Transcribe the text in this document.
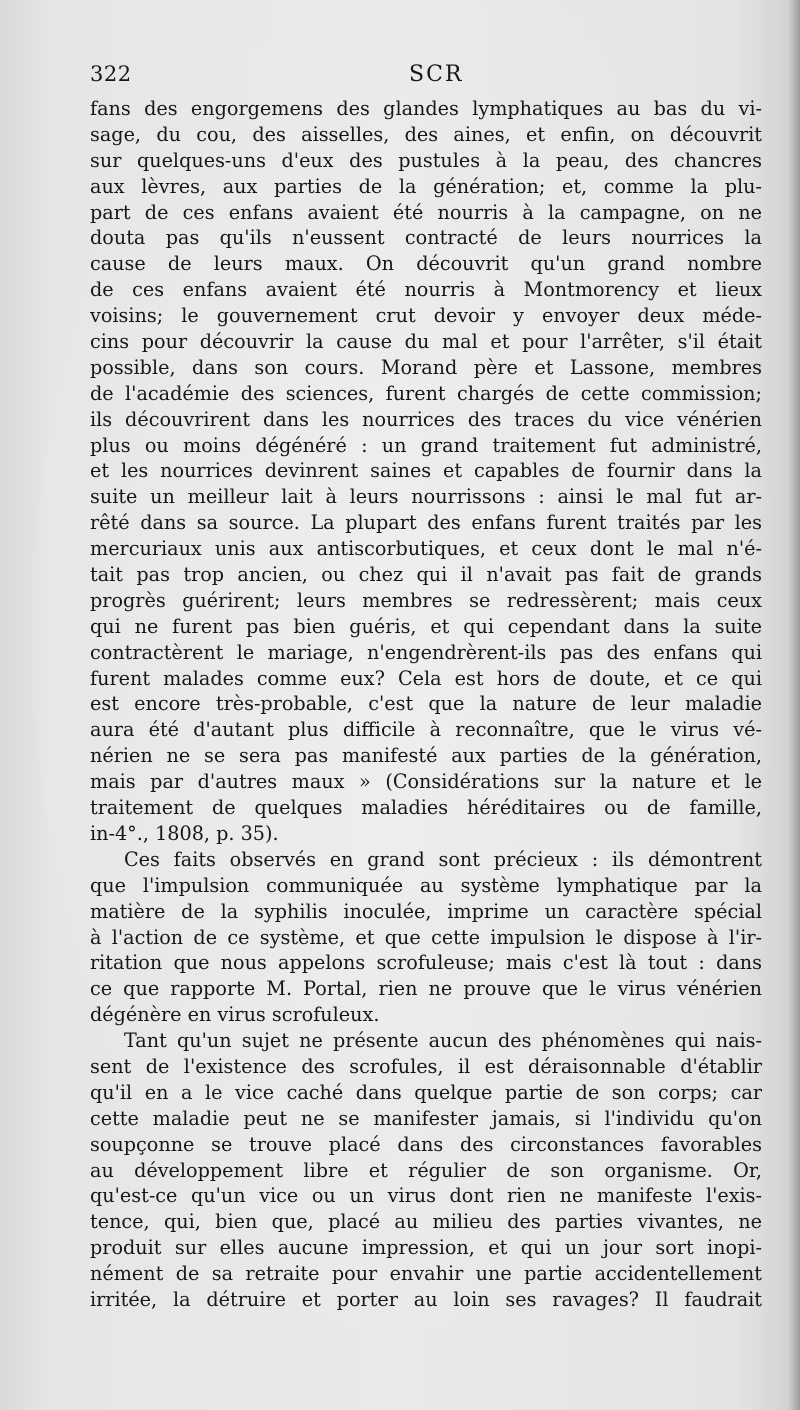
322	SCR
fans des engorgemens des glandes lymphatiques au bas du vi-
sage, du cou, des aisselles, des aines, et enfin, on découvrit
sur quelques-uns d'eux des pustules à la peau, des chancres
aux lèvres, aux parties de la génération; et, comme la plu-
part de ces enfans avaient été nourris à la campagne, on ne
douta pas qu'ils n'eussent contracté de leurs nourrices la
cause de leurs maux. On découvrit qu'un grand nombre
de ces enfans avaient été nourris à Montmorency et lieux
voisins; le gouvernement crut devoir y envoyer deux méde-
cins pour découvrir la cause du mal et pour l'arrêter, s'il était
possible, dans son cours. Morand père et Lassone, membres
de l'académie des sciences, furent chargés de cette commission;
ils découvrirent dans les nourrices des traces du vice vénérien
plus ou moins dégénéré : un grand traitement fut administré,
et les nourrices devinrent saines et capables de fournir dans la
suite un meilleur lait à leurs nourrissons : ainsi le mal fut ar-
rêté dans sa source. La plupart des enfans furent traités par les
mercuriaux unis aux antiscorbutiques, et ceux dont le mal n'é-
tait pas trop ancien, ou chez qui il n'avait pas fait de grands
progrès guérirent; leurs membres se redressèrent; mais ceux
qui ne furent pas bien guéris, et qui cependant dans la suite
contractèrent le mariage, n'engendrèrent-ils pas des enfans qui
furent malades comme eux? Cela est hors de doute, et ce qui
est encore très-probable, c'est que la nature de leur maladie
aura été d'autant plus difficile à reconnaître, que le virus vé-
nérien ne se sera pas manifesté aux parties de la génération,
mais par d'autres maux » (Considérations sur la nature et le
traitement de quelques maladies héréditaires ou de famille,
in-4°., 1808, p. 35).
Ces faits observés en grand sont précieux : ils démontrent
que l'impulsion communiquée au système lymphatique par la
matière de la syphilis inoculée, imprime un caractère spécial
à l'action de ce système, et que cette impulsion le dispose à l'ir-
ritation que nous appelons scrofuleuse; mais c'est là tout : dans
ce que rapporte M. Portal, rien ne prouve que le virus vénérien
dégénère en virus scrofuleux.
Tant qu'un sujet ne présente aucun des phénomènes qui nais-
sent de l'existence des scrofules, il est déraisonnable d'établir
qu'il en a le vice caché dans quelque partie de son corps; car
cette maladie peut ne se manifester jamais, si l'individu qu'on
soupçonne se trouve placé dans des circonstances favorables
au développement libre et régulier de son organisme. Or,
qu'est-ce qu'un vice ou un virus dont rien ne manifeste l'exis-
tence, qui, bien que, placé au milieu des parties vivantes, ne
produit sur elles aucune impression, et qui un jour sort inopi-
nément de sa retraite pour envahir une partie accidentellement
irritée, la détruire et porter au loin ses ravages? Il faudrait
